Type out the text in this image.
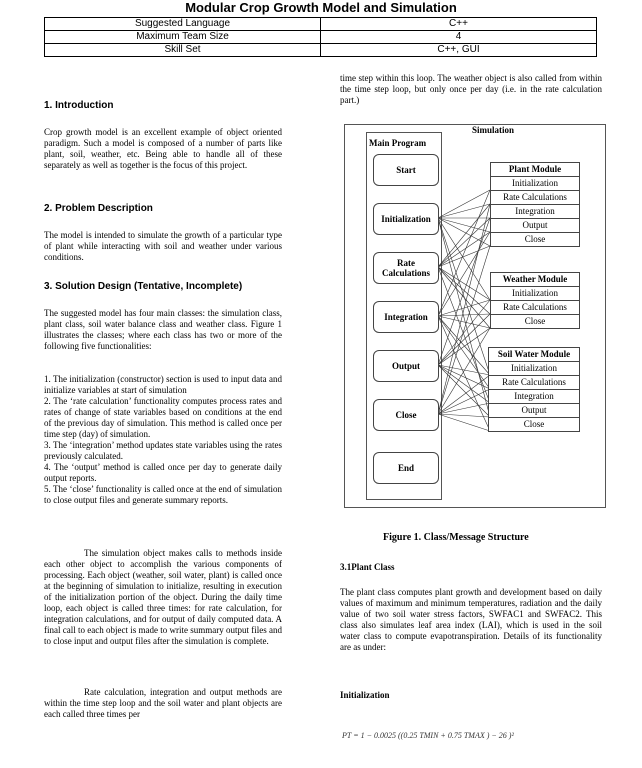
Modular Crop Growth Model and Simulation
Suggested Language	C++
Maximum Team Size	4
Skill Set	C++, GUI
1. Introduction
Crop growth model is an excellent example of object oriented paradigm. Such a model is composed of a number of parts like plant, soil, weather, etc. Being able to handle all of these separately as well as together is the focus of this project.
2. Problem Description
The model is intended to simulate the growth of a particular type of plant while interacting with soil and weather under various conditions.
3. Solution Design (Tentative, Incomplete)
The suggested model has four main classes: the simulation class, plant class, soil water balance class and weather class. Figure 1 illustrates the classes; where each class has two or more of the following five functionalities:
1. The initialization (constructor) section is used to input data and initialize variables at start of simulation
2. The ‘rate calculation’ functionality computes process rates and rates of change of state variables based on conditions at the end of the previous day of simulation. This method is called once per time step (day) of simulation.
3. The ‘integration’ method updates state variables using the rates previously calculated.
4. The ‘output’ method is called once per day to generate daily output reports.
5. The ‘close’ functionality is called once at the end of simulation to close output files and generate summary reports.
The simulation object makes calls to methods inside each other object to accomplish the various components of processing. Each object (weather, soil water, plant) is called once at the beginning of simulation to initialize, resulting in execution of the initialization portion of the object. During the daily time loop, each object is called three times: for rate calculation, for integration calculations, and for output of daily computed data. A final call to each object is made to write summary output files and to close input and output files after the simulation is complete.
Rate calculation, integration and output methods are within the time step loop and the soil water and plant objects are each called three times per
time step within this loop. The weather object is also called from within the time step loop, but only once per day (i.e. in the rate calculation part.)
Simulation
Main Program
Start
Initialization
Rate Calculations
Integration
Output
Close
End
Plant Module
Initialization
Rate Calculations
Integration
Output
Close
Weather Module
Initialization
Rate Calculations
Close
Soil Water Module
Initialization
Rate Calculations
Integration
Output
Close
Figure 1. Class/Message Structure
3.1Plant Class
The plant class computes plant growth and development based on daily values of maximum and minimum temperatures, radiation and the daily value of two soil water stress factors, SWFAC1 and SWFAC2. This class also simulates leaf area index (LAI), which is used in the soil water class to compute evapotranspiration. Details of its functionality are as under:
Initialization
PT = 1 − 0.0025 ((0.25 TMIN + 0.75 TMAX ) − 26 )²
